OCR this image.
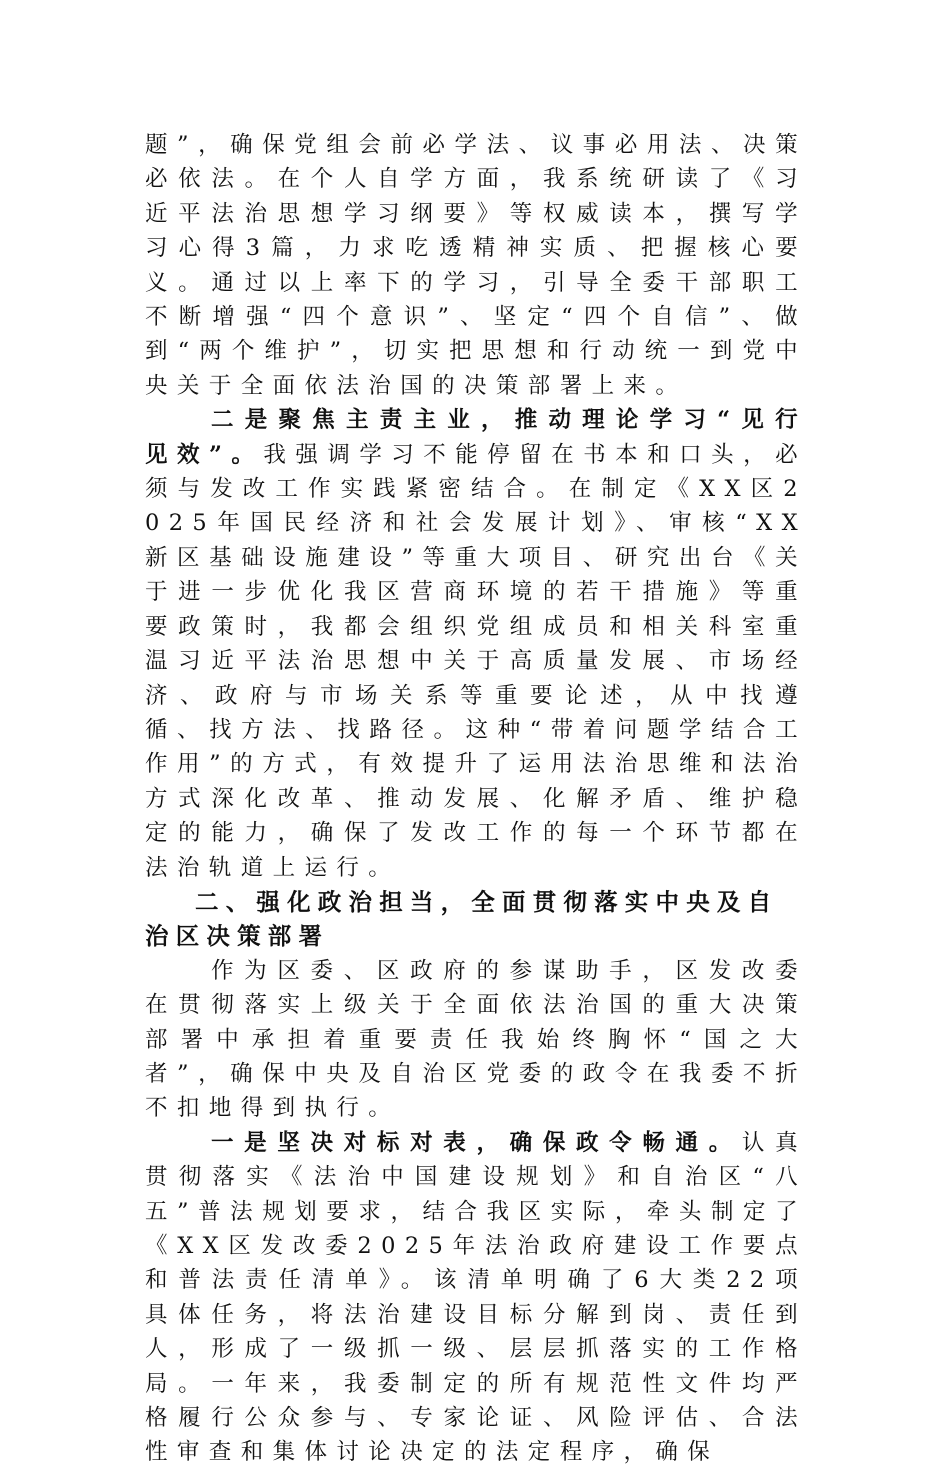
题”，确保党组会前必学法、议事必用法、决策必依法。在个人自学方面，我系统研读了《习近平法治思想学习纲要》等权威读本，撰写学习心得3篇，力求吃透精神实质、把握核心要义。通过以上率下的学习，引导全委干部职工不断增强“四个意识”、坚定“四个自信”、做到“两个维护”，切实把思想和行动统一到党中央关于全面依法治国的决策部署上来。

二是聚焦主责主业，推动理论学习“见行见效”。我强调学习不能停留在书本和口头，必须与发改工作实践紧密结合。在制定《XX区2025年国民经济和社会发展计划》、审核“XX新区基础设施建设”等重大项目、研究出台《关于进一步优化我区营商环境的若干措施》等重要政策时，我都会组织党组成员和相关科室重温习近平法治思想中关于高质量发展、市场经济、政府与市场关系等重要论述，从中找遵循、找方法、找路径。这种“带着问题学结合工作用”的方式，有效提升了运用法治思维和法治方式深化改革、推动发展、化解矛盾、维护稳定的能力，确保了发改工作的每一个环节都在法治轨道上运行。

二、强化政治担当，全面贯彻落实中央及自治区决策部署

作为区委、区政府的参谋助手，区发改委在贯彻落实上级关于全面依法治国的重大决策部署中承担着重要责任我始终胸怀“国之大者”，确保中央及自治区党委的政令在我委不折不扣地得到执行。

一是坚决对标对表，确保政令畅通。认真贯彻落实《法治中国建设规划》和自治区“八五”普法规划要求，结合我区实际，牵头制定了《XX区发改委2025年法治政府建设工作要点和普法责任清单》。该清单明确了6大类22项具体任务，将法治建设目标分解到岗、责任到人，形成了一级抓一级、层层抓落实的工作格局。一年来，我委制定的所有规范性文件均严格履行公众参与、专家论证、风险评估、合法性审查和集体讨论决定的法定程序，确保
